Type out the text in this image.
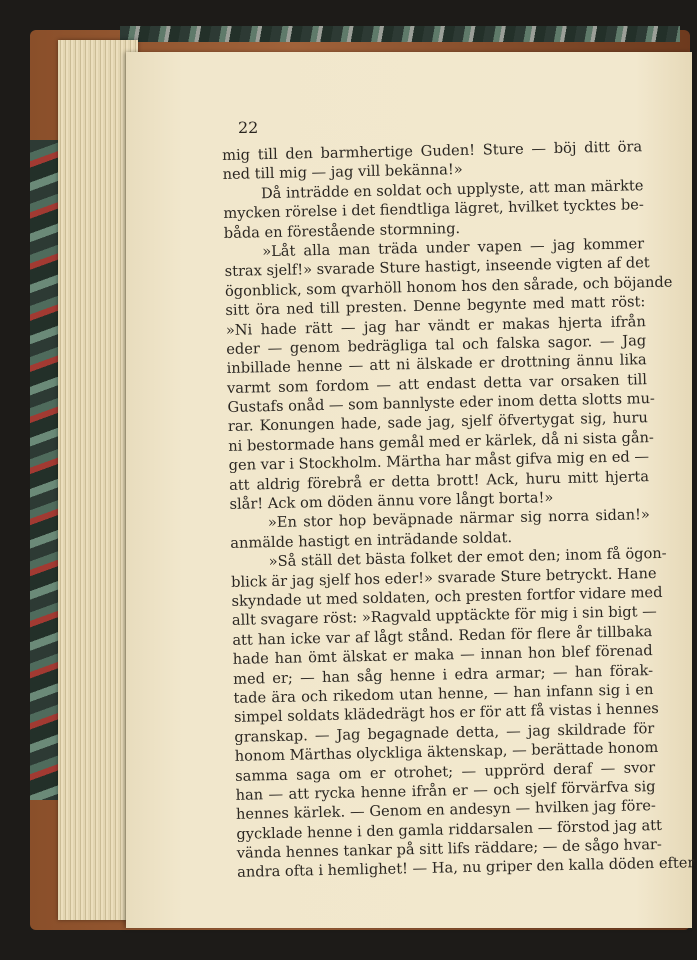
22
mig till den barmhertige Guden! Sture — böj ditt öra
ned till mig — jag vill bekänna!»
Då inträdde en soldat och upplyste, att man märkte
mycken rörelse i det fiendtliga lägret, hvilket tycktes be-
båda en förestående stormning.
»Låt alla man träda under vapen — jag kommer
strax sjelf!» svarade Sture hastigt, inseende vigten af det
ögonblick, som qvarhöll honom hos den sårade, och böjande
sitt öra ned till presten. Denne begynte med matt röst:
»Ni hade rätt — jag har vändt er makas hjerta ifrån
eder — genom bedrägliga tal och falska sagor. — Jag
inbillade henne — att ni älskade er drottning ännu lika
varmt som fordom — att endast detta var orsaken till
Gustafs onåd — som bannlyste eder inom detta slotts mu-
rar. Konungen hade, sade jag, sjelf öfvertygat sig, huru
ni bestormade hans gemål med er kärlek, då ni sista gån-
gen var i Stockholm. Märtha har måst gifva mig en ed —
att aldrig förebrå er detta brott! Ack, huru mitt hjerta
slår! Ack om döden ännu vore långt borta!»
»En stor hop beväpnade närmar sig norra sidan!»
anmälde hastigt en inträdande soldat.
»Så ställ det bästa folket der emot den; inom få ögon-
blick är jag sjelf hos eder!» svarade Sture betryckt. Hane
skyndade ut med soldaten, och presten fortfor vidare med
allt svagare röst: »Ragvald upptäckte för mig i sin bigt —
att han icke var af lågt stånd. Redan för flere år tillbaka
hade han ömt älskat er maka — innan hon blef förenad
med er; — han såg henne i edra armar; — han förak-
tade ära och rikedom utan henne, — han infann sig i en
simpel soldats klädedrägt hos er för att få vistas i hennes
granskap. — Jag begagnade detta, — jag skildrade för
honom Märthas olyckliga äktenskap, — berättade honom
samma saga om er otrohet; — upprörd deraf — svor
han — att rycka henne ifrån er — och sjelf förvärfva sig
hennes kärlek. — Genom en andesyn — hvilken jag före-
gycklade henne i den gamla riddarsalen — förstod jag att
vända hennes tankar på sitt lifs räddare; — de sågo hvar-
andra ofta i hemlighet! — Ha, nu griper den kalla döden efter
